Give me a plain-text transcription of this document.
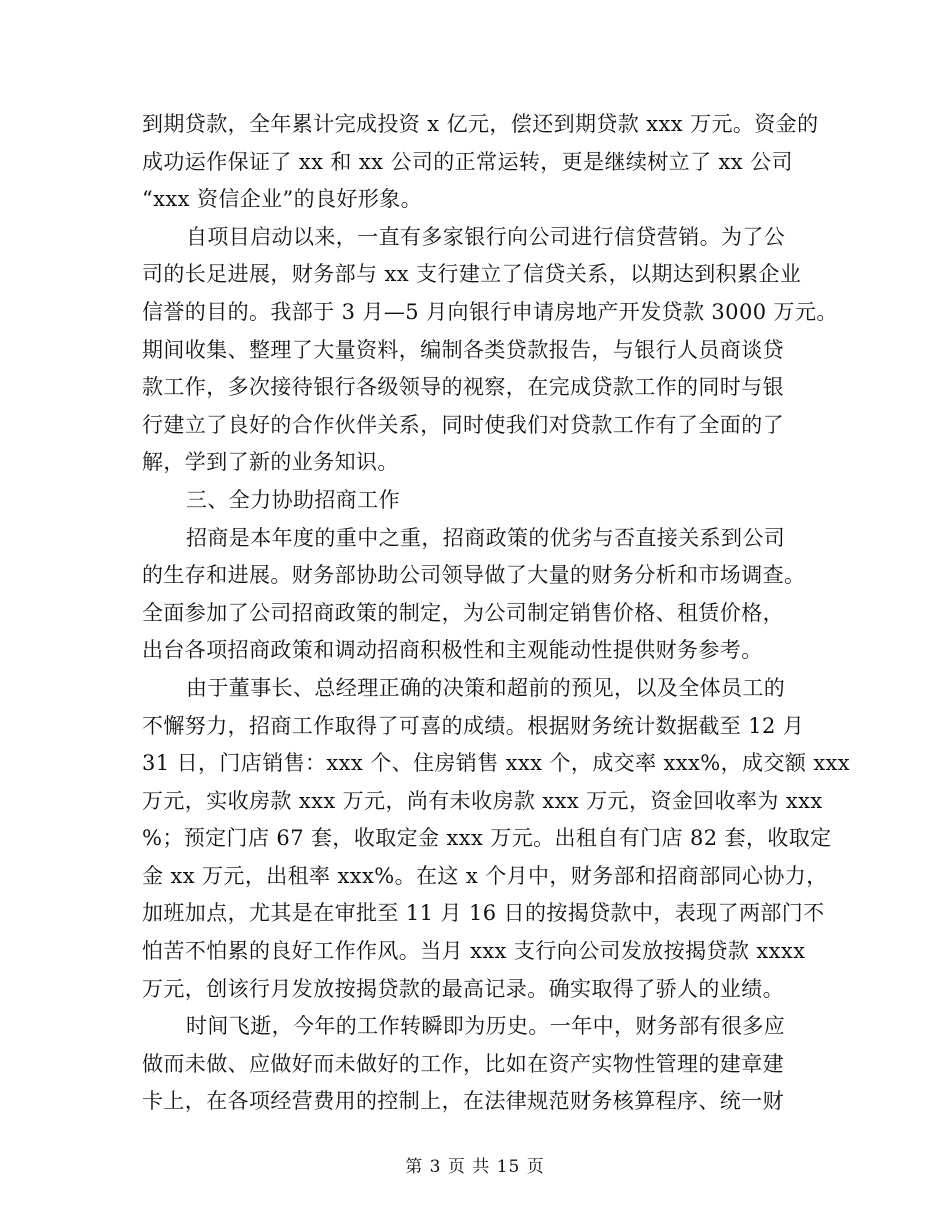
到期贷款，全年累计完成投资 x 亿元，偿还到期贷款 xxx 万元。资金的
成功运作保证了 xx 和 xx 公司的正常运转，更是继续树立了 xx 公司
“xxx 资信企业”的良好形象。
自项目启动以来，一直有多家银行向公司进行信贷营销。为了公
司的长足进展，财务部与 xx 支行建立了信贷关系，以期达到积累企业
信誉的目的。我部于 3 月—5 月向银行申请房地产开发贷款 3000 万元。
期间收集、整理了大量资料，编制各类贷款报告，与银行人员商谈贷
款工作，多次接待银行各级领导的视察，在完成贷款工作的同时与银
行建立了良好的合作伙伴关系，同时使我们对贷款工作有了全面的了
解，学到了新的业务知识。
三、全力协助招商工作
招商是本年度的重中之重，招商政策的优劣与否直接关系到公司
的生存和进展。财务部协助公司领导做了大量的财务分析和市场调查。
全面参加了公司招商政策的制定，为公司制定销售价格、租赁价格，
出台各项招商政策和调动招商积极性和主观能动性提供财务参考。
由于董事长、总经理正确的决策和超前的预见，以及全体员工的
不懈努力，招商工作取得了可喜的成绩。根据财务统计数据截至 12 月
31 日，门店销售：xxx 个、住房销售 xxx 个，成交率 xxx%，成交额 xxx
万元，实收房款 xxx 万元，尚有未收房款 xxx 万元，资金回收率为 xxx
%；预定门店 67 套，收取定金 xxx 万元。出租自有门店 82 套，收取定
金 xx 万元，出租率 xxx%。在这 x 个月中，财务部和招商部同心协力，
加班加点，尤其是在审批至 11 月 16 日的按揭贷款中，表现了两部门不
怕苦不怕累的良好工作作风。当月 xxx 支行向公司发放按揭贷款 xxxx
万元，创该行月发放按揭贷款的最高记录。确实取得了骄人的业绩。
时间飞逝，今年的工作转瞬即为历史。一年中，财务部有很多应
做而未做、应做好而未做好的工作，比如在资产实物性管理的建章建
卡上，在各项经营费用的控制上，在法律规范财务核算程序、统一财
第 3 页 共 15 页
